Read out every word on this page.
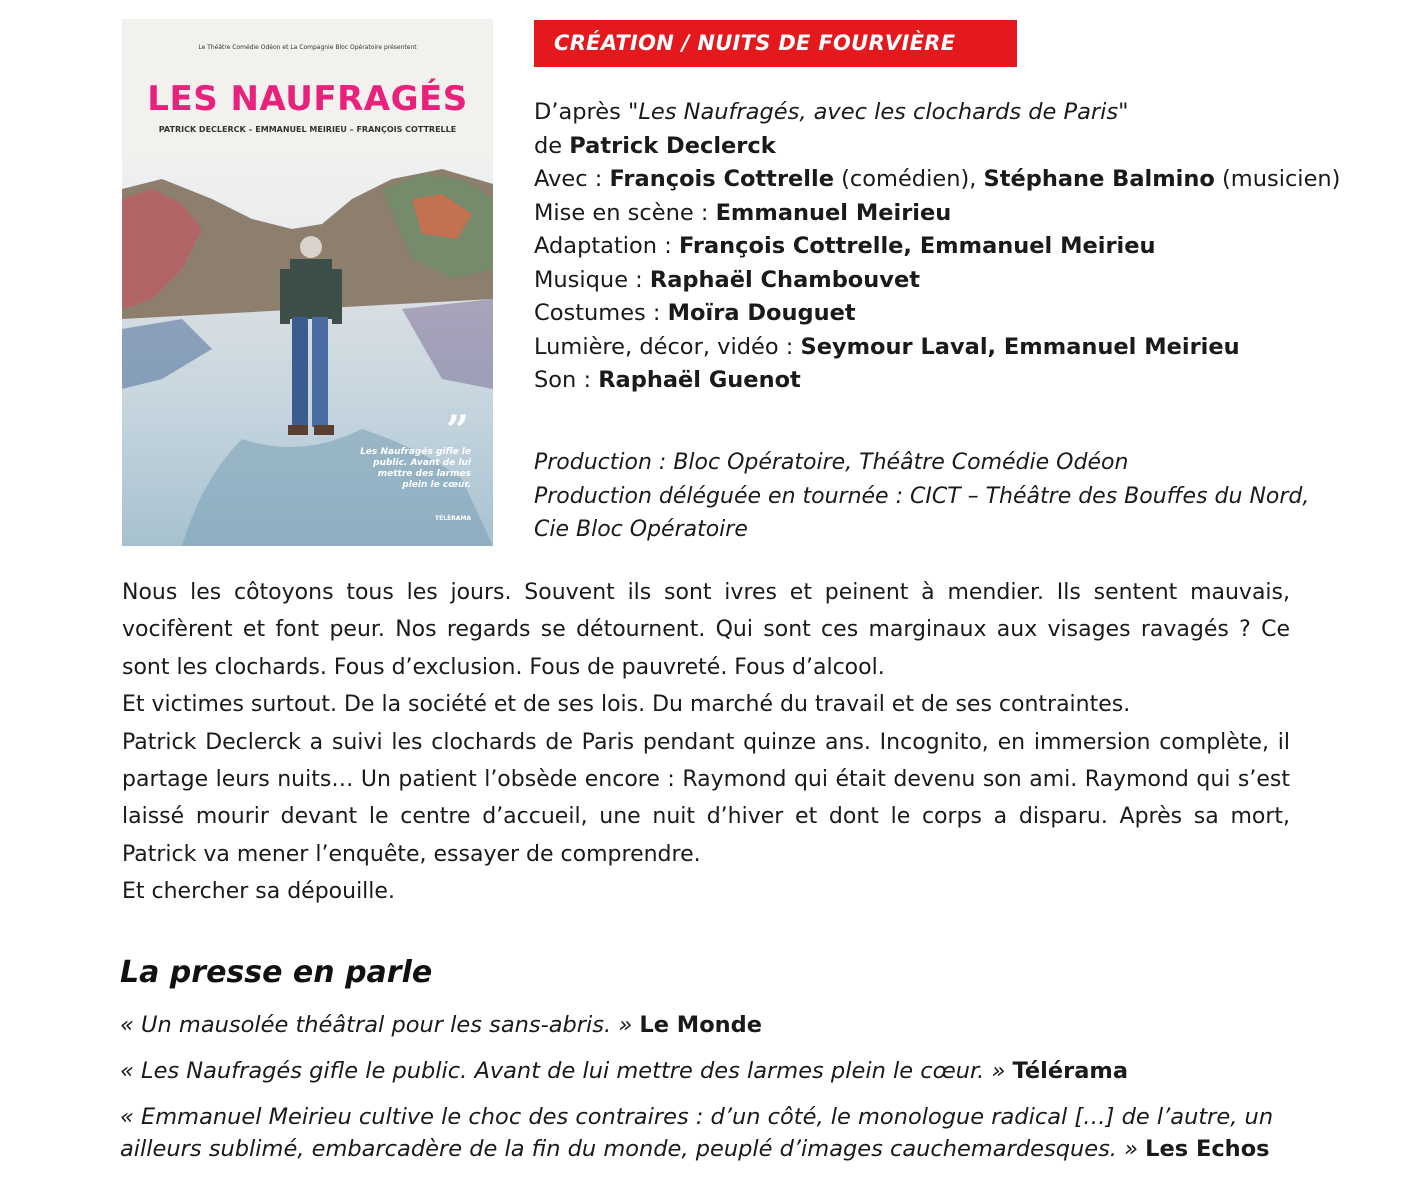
Le Théâtre Comédie Odéon et La Compagnie Bloc Opératoire présentent
LES NAUFRAGÉS
PATRICK DECLERCK – EMMANUEL MEIRIEU – FRANÇOIS COTTRELLE
”
Les Naufragés gifle le public. Avant de lui mettre des larmes plein le cœur.
TÉLÉRAMA
CRÉATION / NUITS DE FOURVIÈRE
D’après "Les Naufragés, avec les clochards de Paris"
de Patrick Declerck
Avec : François Cottrelle (comédien), Stéphane Balmino (musicien)
Mise en scène : Emmanuel Meirieu
Adaptation : François Cottrelle, Emmanuel Meirieu
Musique : Raphaël Chambouvet
Costumes : Moïra Douguet
Lumière, décor, vidéo : Seymour Laval, Emmanuel Meirieu
Son : Raphaël Guenot
Production : Bloc Opératoire, Théâtre Comédie Odéon
Production déléguée en tournée : CICT – Théâtre des Bouffes du Nord,
Cie Bloc Opératoire

Nous les côtoyons tous les jours. Souvent ils sont ivres et peinent à mendier. Ils sentent mauvais, vocifèrent et font peur. Nos regards se détournent. Qui sont ces marginaux aux visages ravagés ? Ce sont les clochards. Fous d’exclusion. Fous de pauvreté. Fous d’alcool.

Et victimes surtout. De la société et de ses lois. Du marché du travail et de ses contraintes.

Patrick Declerck a suivi les clochards de Paris pendant quinze ans. Incognito, en immersion complète, il partage leurs nuits… Un patient l’obsède encore : Raymond qui était devenu son ami. Raymond qui s’est laissé mourir devant le centre d’accueil, une nuit d’hiver et dont le corps a disparu. Après sa mort, Patrick va mener l’enquête, essayer de comprendre.

Et chercher sa dépouille.

La presse en parle
« Un mausolée théâtral pour les sans-abris. » Le Monde
« Les Naufragés gifle le public. Avant de lui mettre des larmes plein le cœur. » Télérama
« Emmanuel Meirieu cultive le choc des contraires : d’un côté, le monologue radical […] de l’autre, un ailleurs sublimé, embarcadère de la fin du monde, peuplé d’images cauchemardesques. » Les Echos
